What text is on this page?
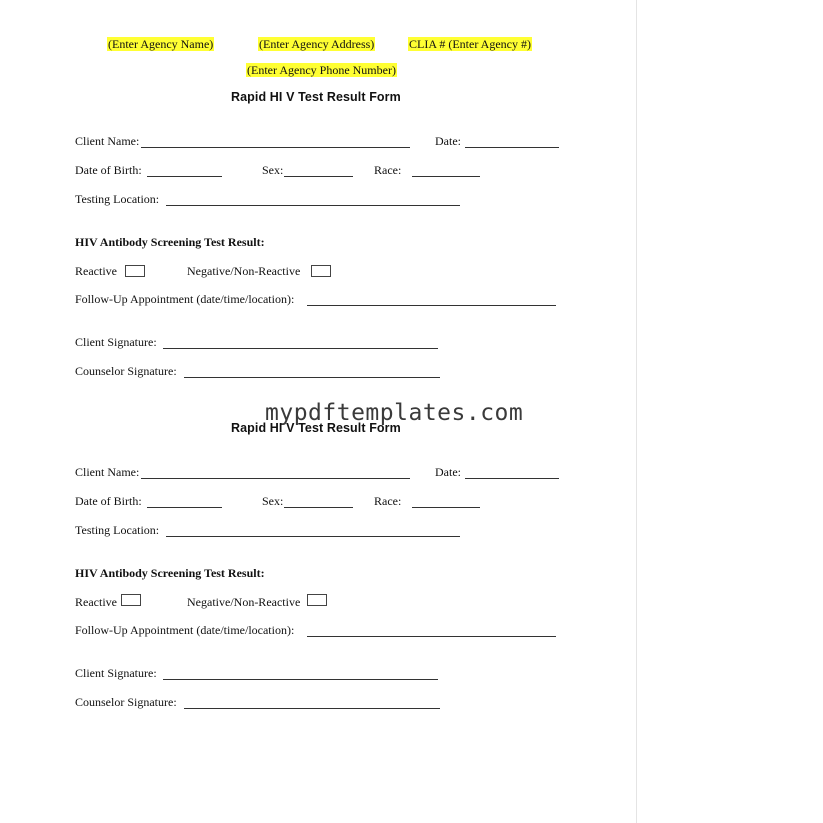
(Enter Agency Name)	(Enter Agency Address)	CLIA # (Enter Agency #)
(Enter Agency Phone Number)
Rapid HI V Test Result Form
Client Name:	Date:
Date of Birth:	Sex:	Race:
Testing Location:
HIV Antibody Screening Test Result:
Reactive	Negative/Non-Reactive
Follow-Up Appointment (date/time/location):
Client Signature:
Counselor Signature:
mypdftemplates.com
Rapid HI V Test Result Form
Client Name:	Date:
Date of Birth:	Sex:	Race:
Testing Location:
HIV Antibody Screening Test Result:
Reactive	Negative/Non-Reactive
Follow-Up Appointment (date/time/location):
Client Signature:
Counselor Signature:
